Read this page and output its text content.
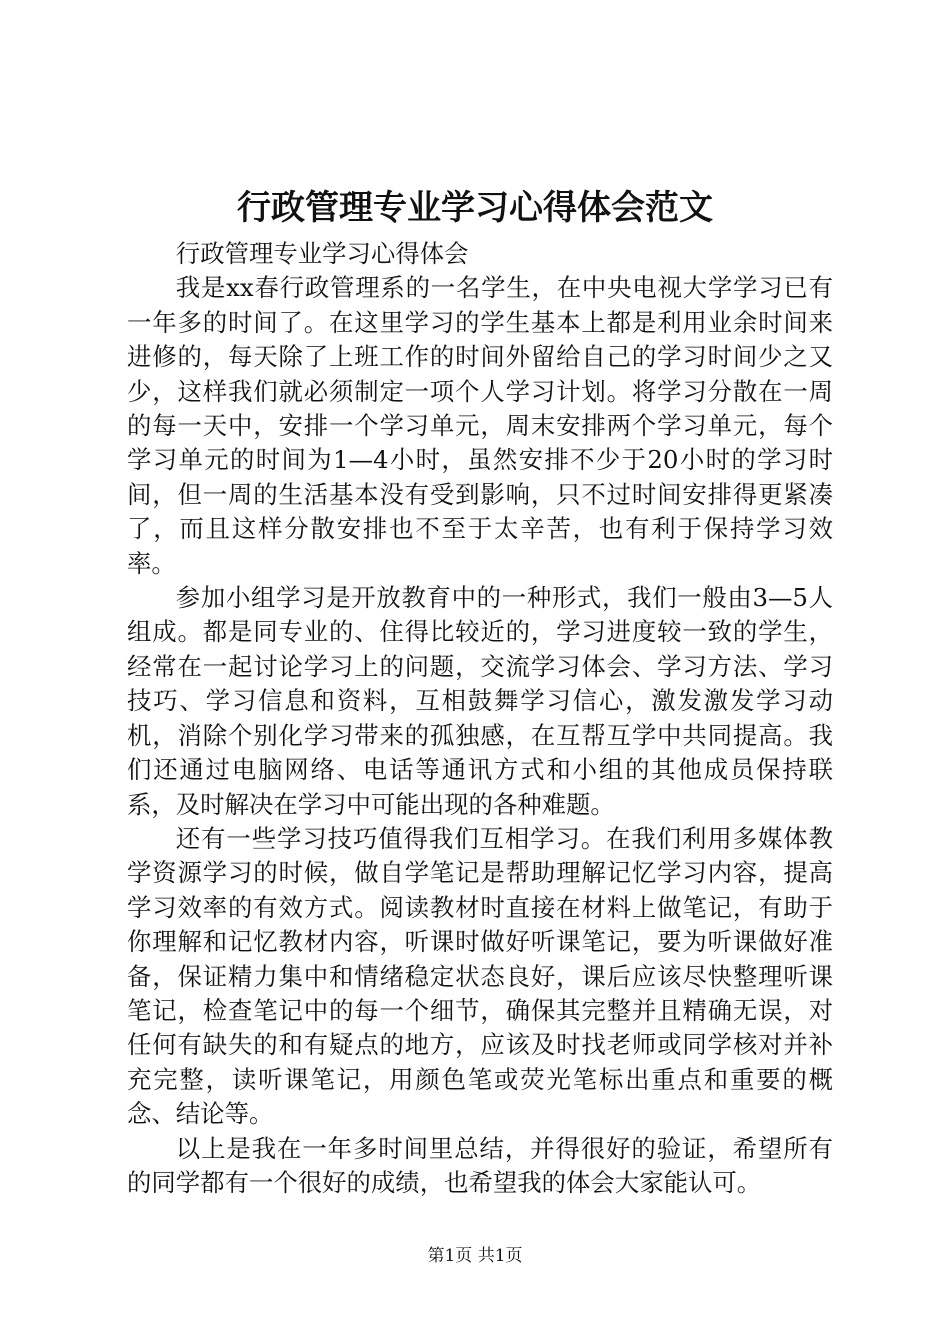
行政管理专业学习心得体会范文

行政管理专业学习心得体会

我是xx春行政管理系的一名学生，在中央电视大学学习已有一年多的时间了。在这里学习的学生基本上都是利用业余时间来进修的，每天除了上班工作的时间外留给自己的学习时间少之又少，这样我们就必须制定一项个人学习计划。将学习分散在一周的每一天中，安排一个学习单元，周末安排两个学习单元，每个学习单元的时间为1—4小时，虽然安排不少于20小时的学习时间，但一周的生活基本没有受到影响，只不过时间安排得更紧凑了，而且这样分散安排也不至于太辛苦，也有利于保持学习效率。

参加小组学习是开放教育中的一种形式，我们一般由3—5人组成。都是同专业的、住得比较近的，学习进度较一致的学生，经常在一起讨论学习上的问题，交流学习体会、学习方法、学习技巧、学习信息和资料，互相鼓舞学习信心，激发激发学习动机，消除个别化学习带来的孤独感，在互帮互学中共同提高。我们还通过电脑网络、电话等通讯方式和小组的其他成员保持联系，及时解决在学习中可能出现的各种难题。

还有一些学习技巧值得我们互相学习。在我们利用多媒体教学资源学习的时候，做自学笔记是帮助理解记忆学习内容，提高学习效率的有效方式。阅读教材时直接在材料上做笔记，有助于你理解和记忆教材内容，听课时做好听课笔记，要为听课做好准备，保证精力集中和情绪稳定状态良好，课后应该尽快整理听课笔记，检查笔记中的每一个细节，确保其完整并且精确无误，对任何有缺失的和有疑点的地方，应该及时找老师或同学核对并补充完整，读听课笔记，用颜色笔或荧光笔标出重点和重要的概念、结论等。

以上是我在一年多时间里总结，并得很好的验证，希望所有的同学都有一个很好的成绩，也希望我的体会大家能认可。

第1页 共1页
